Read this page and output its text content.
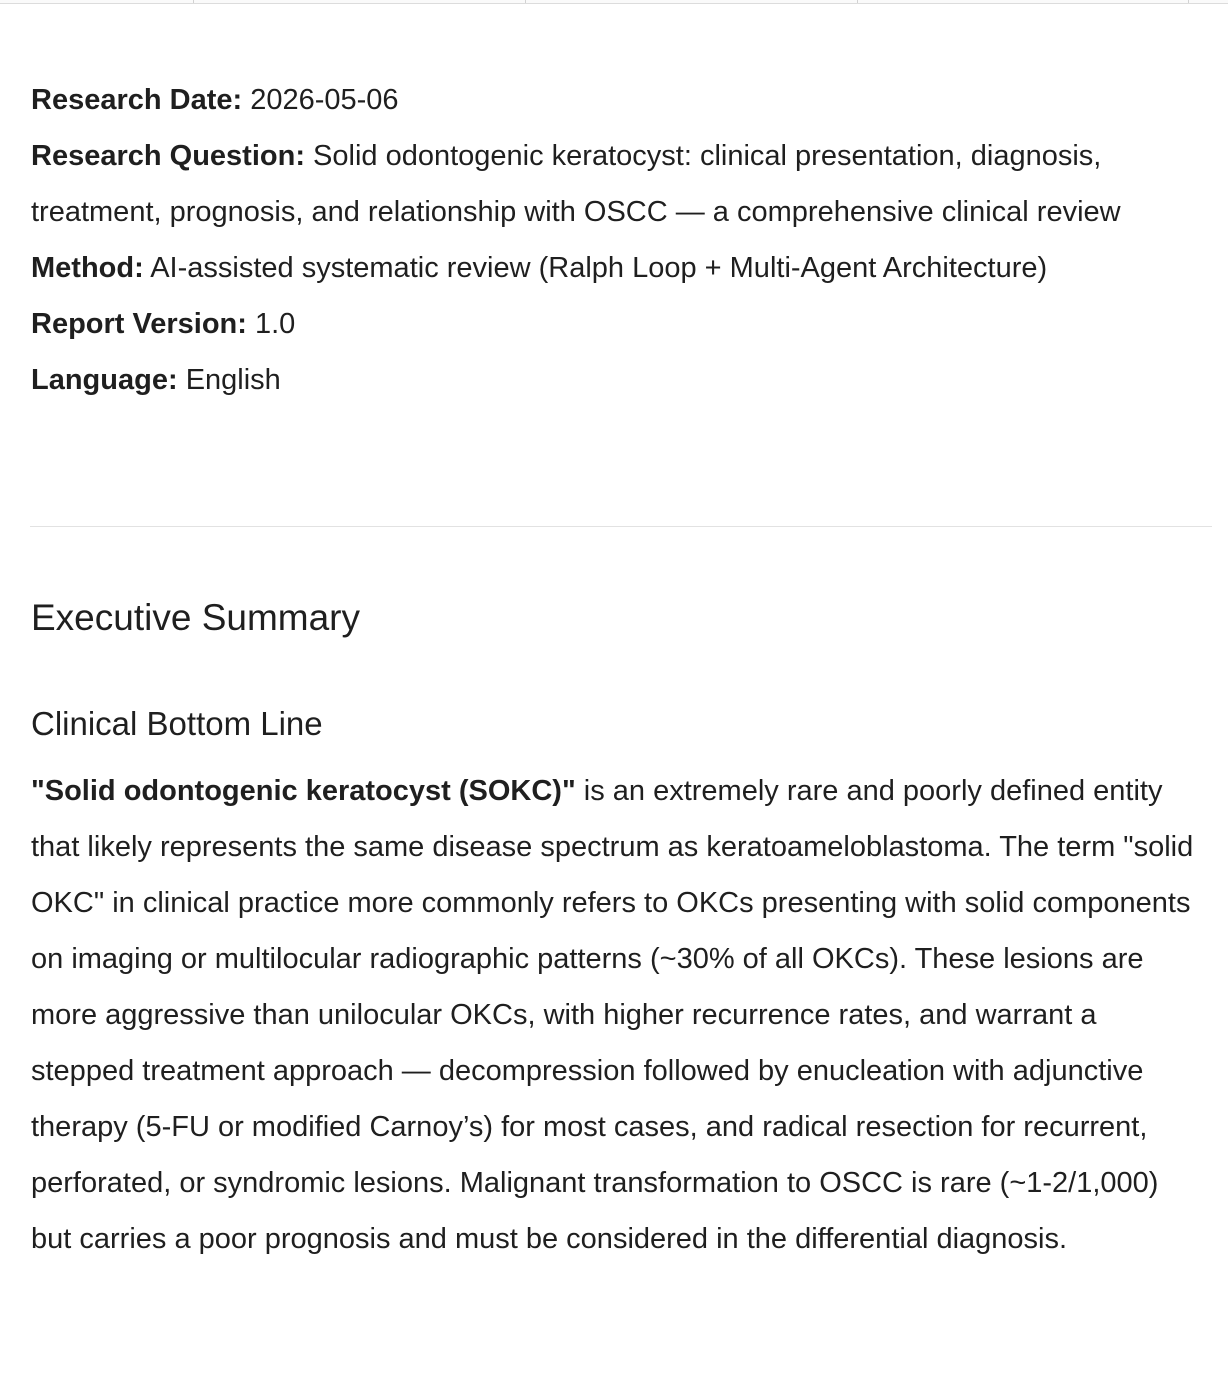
Research Date: 2026-05-06

Research Question: Solid odontogenic keratocyst: clinical presentation, diagnosis, treatment, prognosis, and relationship with OSCC — a comprehensive clinical review

Method: AI-assisted systematic review (Ralph Loop + Multi-Agent Architecture)

Report Version: 1.0

Language: English

Executive Summary
Clinical Bottom Line

"Solid odontogenic keratocyst (SOKC)" is an extremely rare and poorly defined entity that likely represents the same disease spectrum as keratoameloblastoma. The term "solid OKC" in clinical practice more commonly refers to OKCs presenting with solid components on imaging or multilocular radiographic patterns (~30% of all OKCs). These lesions are more aggressive than unilocular OKCs, with higher recurrence rates, and warrant a stepped treatment approach — decompression followed by enucleation with adjunctive therapy (5-FU or modified Carnoy’s) for most cases, and radical resection for recurrent, perforated, or syndromic lesions. Malignant transformation to OSCC is rare (~1-2/1,000) but carries a poor prognosis and must be considered in the differential diagnosis.
